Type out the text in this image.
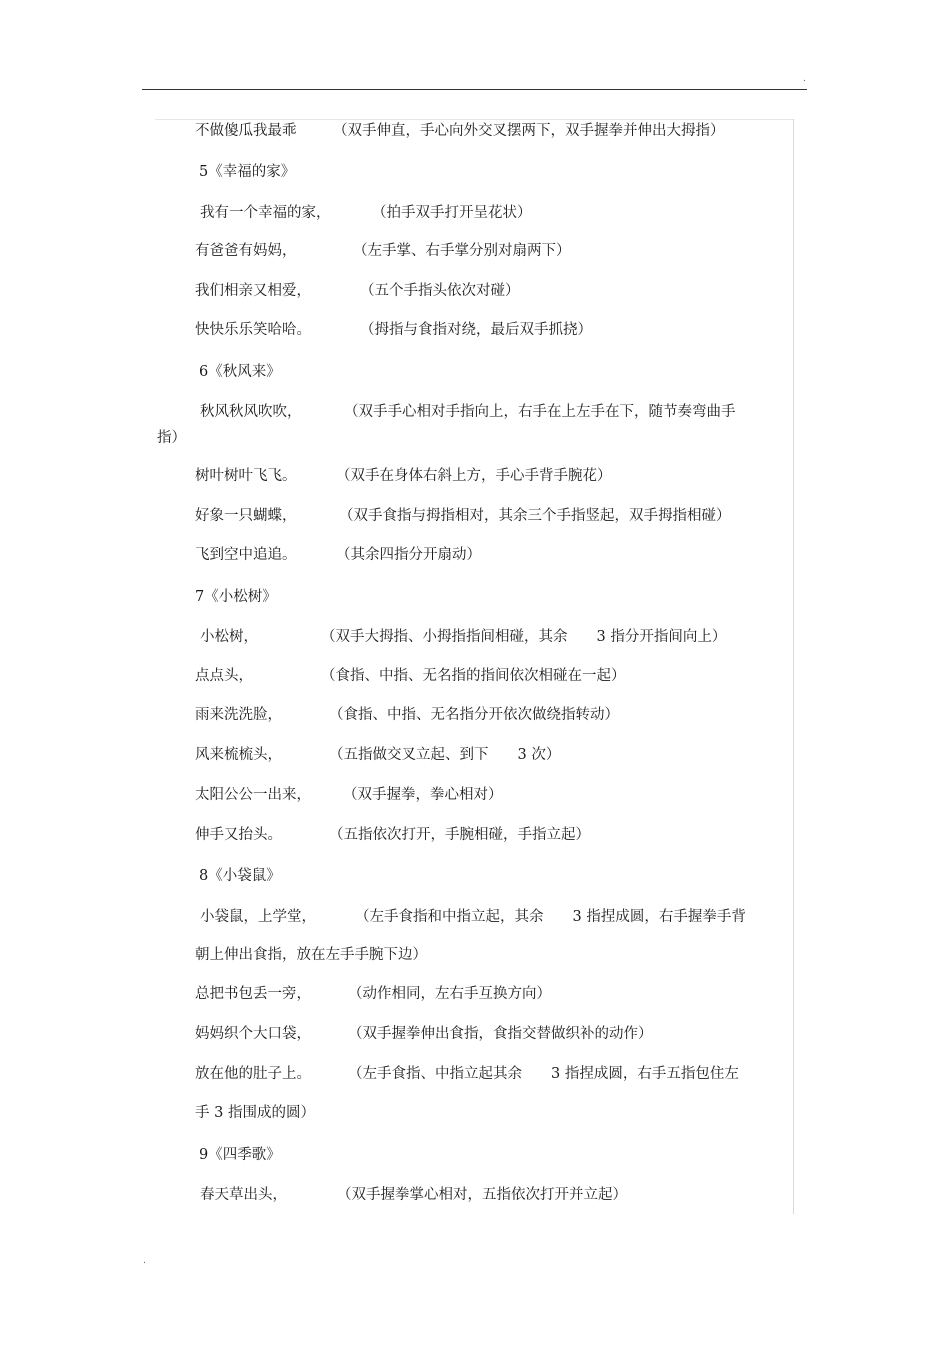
.
不做傻瓜我最乖	（双手伸直，手心向外交叉摆两下，双手握拳并伸出大拇指）
5《幸福的家》
我有一个幸福的家，	（拍手双手打开呈花状）
有爸爸有妈妈，	（左手掌、右手掌分别对扇两下）
我们相亲又相爱，	（五个手指头依次对碰）
快快乐乐笑哈哈。	（拇指与食指对绕，最后双手抓挠）
6《秋风来》
秋风秋风吹吹，	（双手手心相对手指向上，右手在上左手在下，随节奏弯曲手
指）
树叶树叶飞飞。	（双手在身体右斜上方，手心手背手腕花）
好象一只蝴蝶，	（双手食指与拇指相对，其余三个手指竖起，双手拇指相碰）
飞到空中追追。	（其余四指分开扇动）
7《小松树》
小松树，	（双手大拇指、小拇指指间相碰，其余　　3 指分开指间向上）
点点头，	（食指、中指、无名指的指间依次相碰在一起）
雨来洗洗脸，	（食指、中指、无名指分开依次做绕指转动）
风来梳梳头，	（五指做交叉立起、到下　　3 次）
太阳公公一出来， （双手握拳，拳心相对）
伸手又抬头。	（五指依次打开，手腕相碰，手指立起）
8《小袋鼠》
小袋鼠，上学堂，	（左手食指和中指立起，其余　　3 指捏成圆，右手握拳手背
朝上伸出食指，放在左手手腕下边）
总把书包丢一旁，	（动作相同，左右手互换方向）
妈妈织个大口袋，	（双手握拳伸出食指，食指交替做织补的动作）
放在他的肚子上。	（左手食指、中指立起其余　　3 指捏成圆，右手五指包住左
手 3 指围成的圆）
9《四季歌》
春天草出头，	（双手握拳掌心相对，五指依次打开并立起）
.
